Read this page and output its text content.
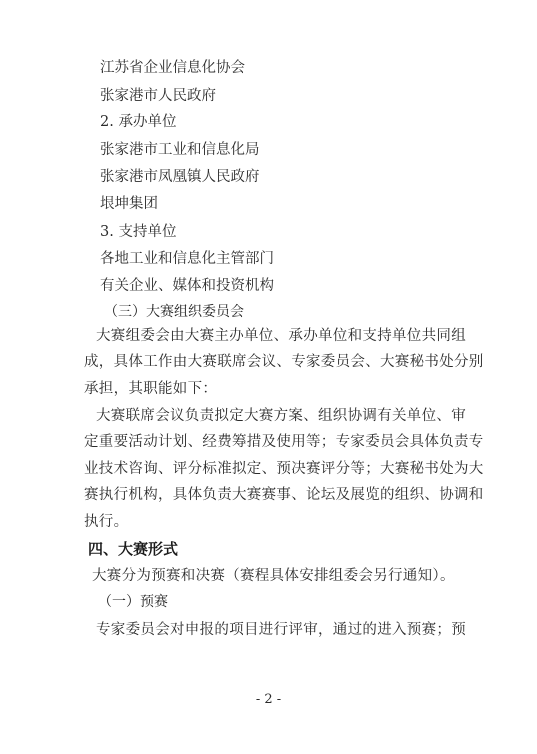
江苏省企业信息化协会

张家港市人民政府

2. 承办单位

张家港市工业和信息化局

张家港市凤凰镇人民政府

垠坤集团

3. 支持单位

各地工业和信息化主管部门

有关企业、媒体和投资机构

（三）大赛组织委员会

大赛组委会由大赛主办单位、承办单位和支持单位共同组

成，具体工作由大赛联席会议、专家委员会、大赛秘书处分别

承担，其职能如下：

大赛联席会议负责拟定大赛方案、组织协调有关单位、审

定重要活动计划、经费筹措及使用等；专家委员会具体负责专

业技术咨询、评分标准拟定、预决赛评分等；大赛秘书处为大

赛执行机构，具体负责大赛赛事、论坛及展览的组织、协调和

执行。

四、大赛形式

大赛分为预赛和决赛（赛程具体安排组委会另行通知）。

（一）预赛

专家委员会对申报的项目进行评审，通过的进入预赛；预

- 2 -
